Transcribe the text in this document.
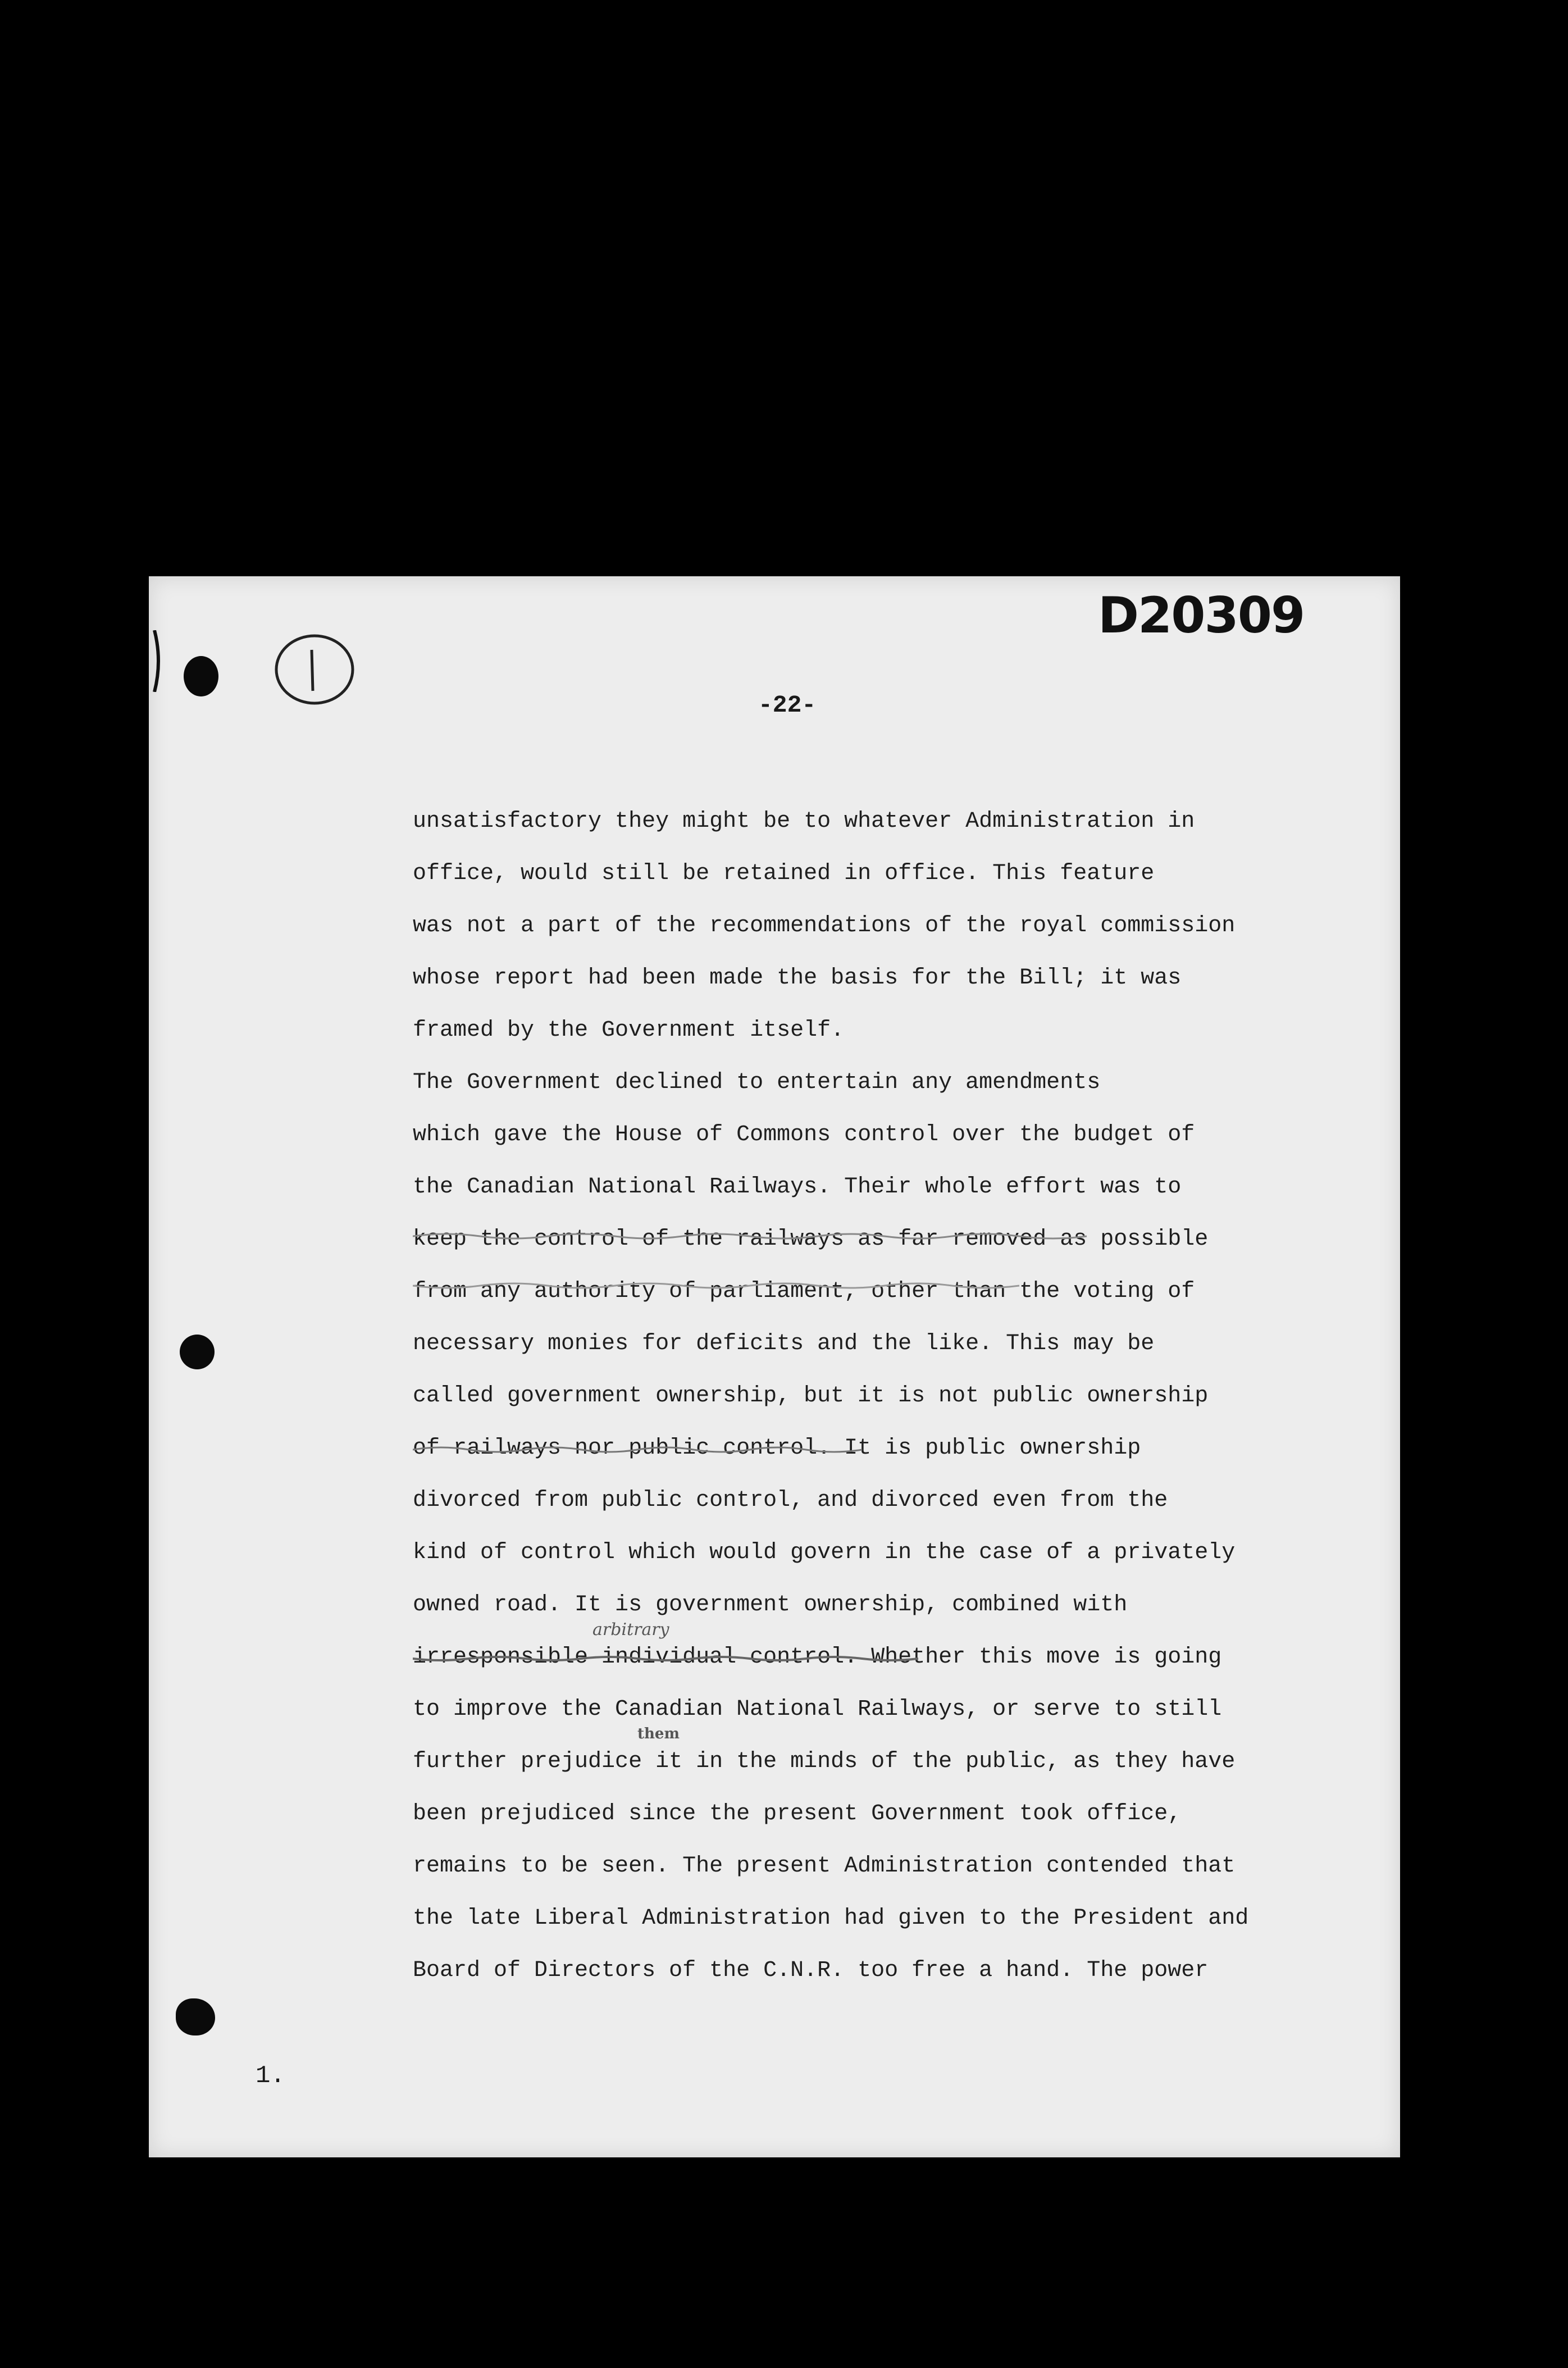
D20309
-22-
unsatisfactory they might be to whatever Administration in
office, would still be retained in office. This feature
was not a part of the recommendations of the royal commission
whose report had been made the basis for the Bill; it was
framed by the Government itself.
The Government declined to entertain any amendments
which gave the House of Commons control over the budget of
the Canadian National Railways. Their whole effort was to
keep the control of the railways as far removed as possible
from any authority of parliament, other than the voting of
necessary monies for deficits and the like. This may be
called government ownership, but it is not public ownership
of railways nor public control. It is public ownership
divorced from public control, and divorced even from the
kind of control which would govern in the case of a privately
owned road. It is government ownership, combined with
irresponsible individual control. Whether this move is going
to improve the Canadian National Railways, or serve to still
further prejudice it in the minds of the public, as they have
been prejudiced since the present Government took office,
remains to be seen. The present Administration contended that
the late Liberal Administration had given to the President and
Board of Directors of the C.N.R. too free a hand. The power
arbitrary
them
1.
